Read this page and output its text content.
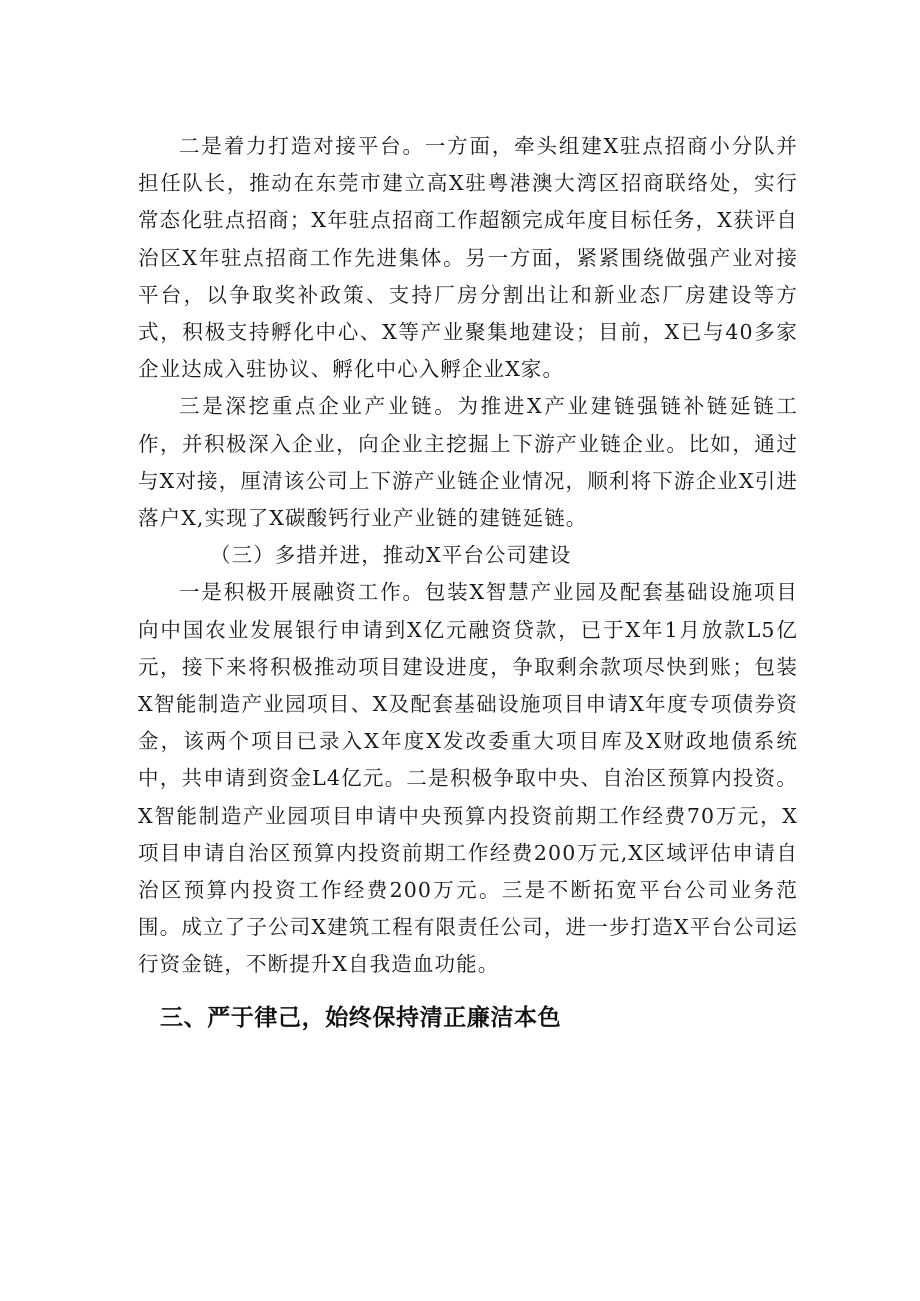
二是着力打造对接平台。一方面，牵头组建X驻点招商小分队并担任队长，推动在东莞市建立高X驻粤港澳大湾区招商联络处，实行常态化驻点招商；X年驻点招商工作超额完成年度目标任务，X获评自治区X年驻点招商工作先进集体。另一方面，紧紧围绕做强产业对接平台，以争取奖补政策、支持厂房分割出让和新业态厂房建设等方式，积极支持孵化中心、X等产业聚集地建设；目前，X已与40多家企业达成入驻协议、孵化中心入孵企业X家。

三是深挖重点企业产业链。为推进X产业建链强链补链延链工作，并积极深入企业，向企业主挖掘上下游产业链企业。比如，通过与X对接，厘清该公司上下游产业链企业情况，顺利将下游企业X引进落户X,实现了X碳酸钙行业产业链的建链延链。

（三）多措并进，推动X平台公司建设

一是积极开展融资工作。包装X智慧产业园及配套基础设施项目向中国农业发展银行申请到X亿元融资贷款，已于X年1月放款L5亿元，接下来将积极推动项目建设进度，争取剩余款项尽快到账；包装X智能制造产业园项目、X及配套基础设施项目申请X年度专项债券资金，该两个项目已录入X年度X发改委重大项目库及X财政地债系统中，共申请到资金L4亿元。二是积极争取中央、自治区预算内投资。X智能制造产业园项目申请中央预算内投资前期工作经费70万元，X项目申请自治区预算内投资前期工作经费200万元,X区域评估申请自治区预算内投资工作经费200万元。三是不断拓宽平台公司业务范围。成立了子公司X建筑工程有限责任公司，进一步打造X平台公司运行资金链，不断提升X自我造血功能。

三、严于律己，始终保持清正廉洁本色
